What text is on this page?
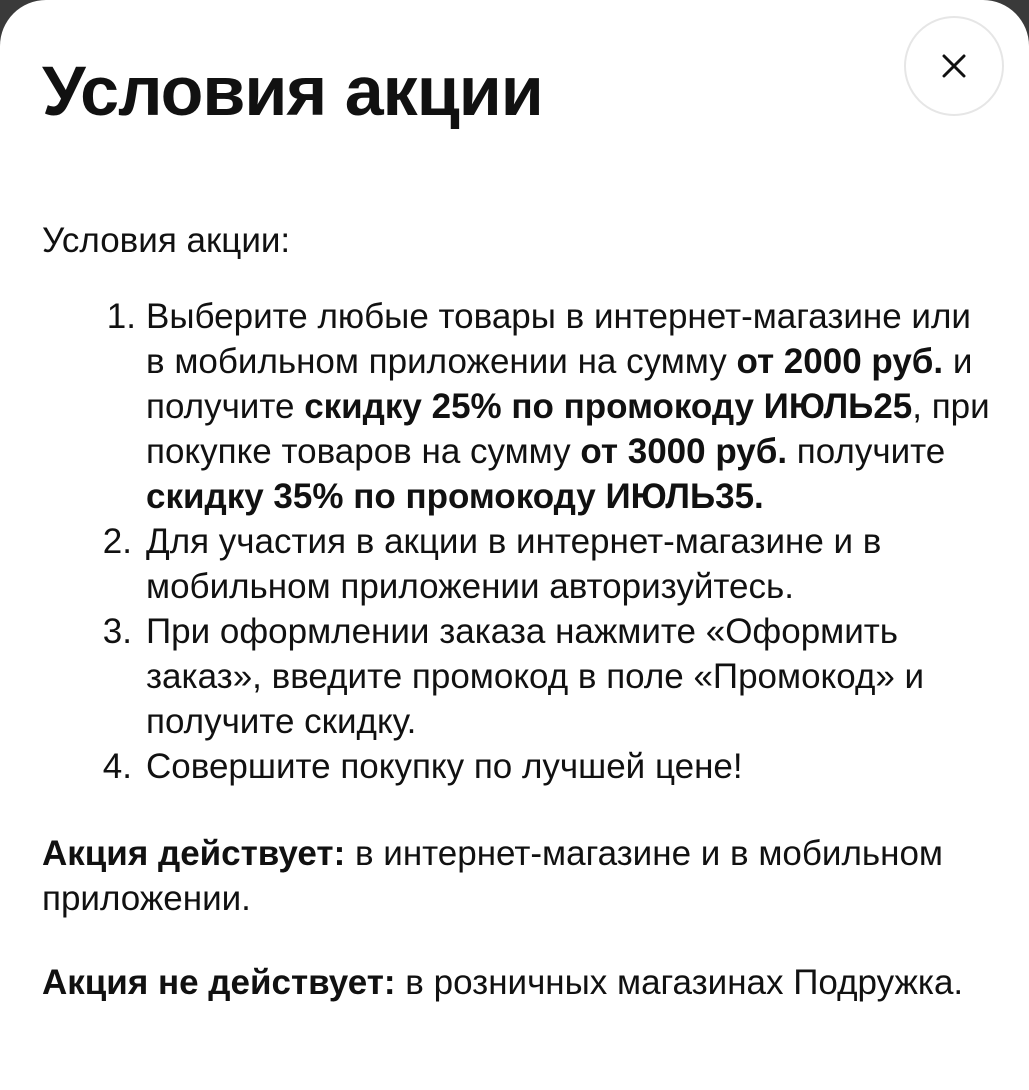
Условия акции

Условия акции:

1. Выберите любые товары в интернет-магазине или в мобильном приложении на сумму от 2000 руб. и получите скидку 25% по промокоду ИЮЛЬ25, при покупке товаров на сумму от 3000 руб. получите скидку 35% по промокоду ИЮЛЬ35.
2. Для участия в акции в интернет-магазине и в мобильном приложении авторизуйтесь.
3. При оформлении заказа нажмите «Оформить заказ», введите промокод в поле «Промокод» и получите скидку.
4. Совершите покупку по лучшей цене!

Акция действует: в интернет-магазине и в мобильном приложении.

Акция не действует: в розничных магазинах Подружка.
